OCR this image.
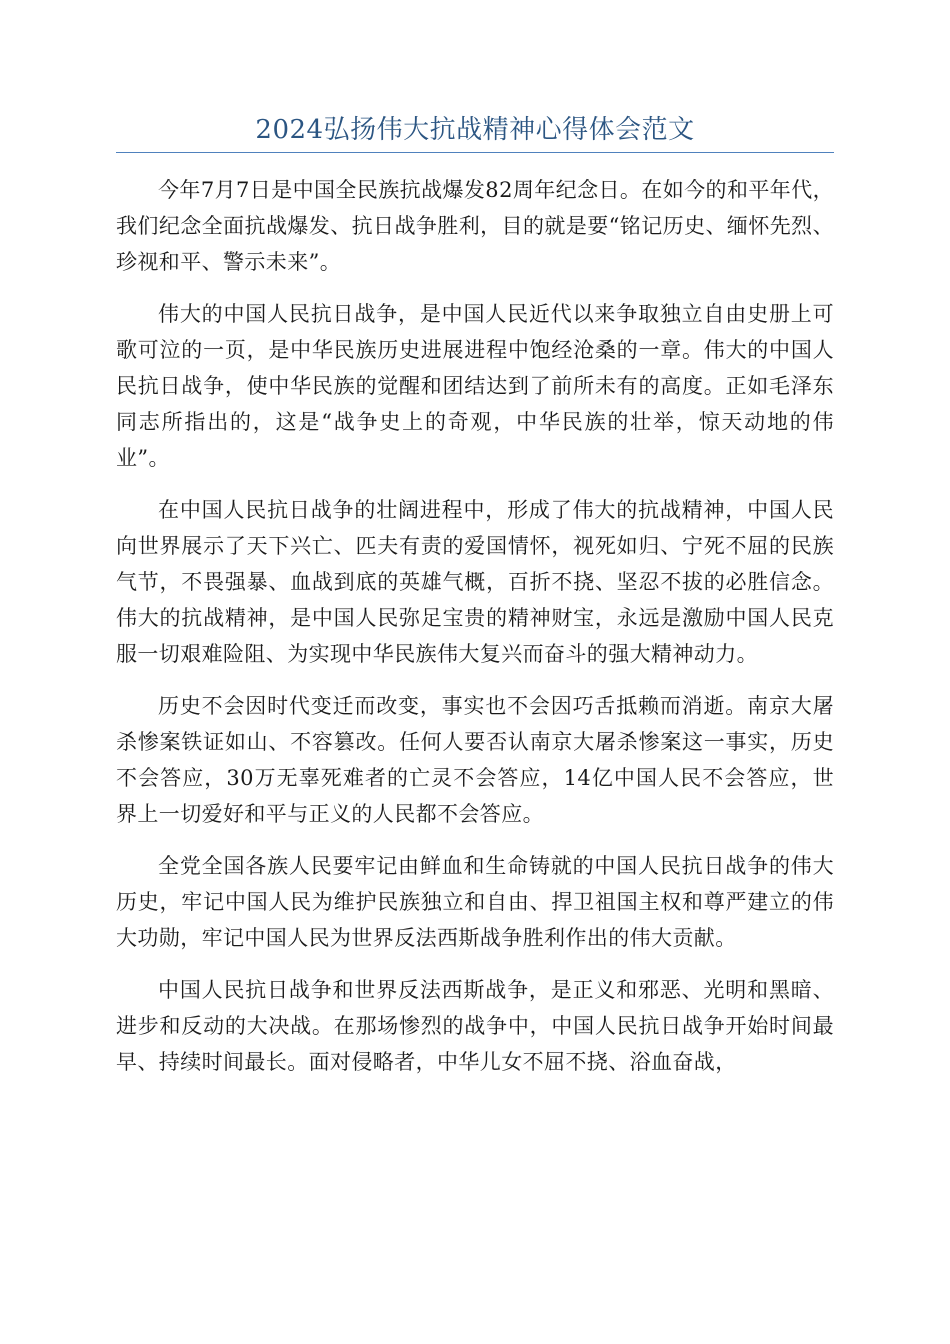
2024弘扬伟大抗战精神心得体会范文

今年7月7日是中国全民族抗战爆发82周年纪念日。在如今的和平年代，我们纪念全面抗战爆发、抗日战争胜利，目的就是要“铭记历史、缅怀先烈、珍视和平、警示未来”。

伟大的中国人民抗日战争，是中国人民近代以来争取独立自由史册上可歌可泣的一页，是中华民族历史进展进程中饱经沧桑的一章。伟大的中国人民抗日战争，使中华民族的觉醒和团结达到了前所未有的高度。正如毛泽东同志所指出的，这是“战争史上的奇观，中华民族的壮举，惊天动地的伟业”。

在中国人民抗日战争的壮阔进程中，形成了伟大的抗战精神，中国人民向世界展示了天下兴亡、匹夫有责的爱国情怀，视死如归、宁死不屈的民族气节，不畏强暴、血战到底的英雄气概，百折不挠、坚忍不拔的必胜信念。伟大的抗战精神，是中国人民弥足宝贵的精神财宝，永远是激励中国人民克服一切艰难险阻、为实现中华民族伟大复兴而奋斗的强大精神动力。

历史不会因时代变迁而改变，事实也不会因巧舌抵赖而消逝。南京大屠杀惨案铁证如山、不容篡改。任何人要否认南京大屠杀惨案这一事实，历史不会答应，30万无辜死难者的亡灵不会答应，14亿中国人民不会答应，世界上一切爱好和平与正义的人民都不会答应。

全党全国各族人民要牢记由鲜血和生命铸就的中国人民抗日战争的伟大历史，牢记中国人民为维护民族独立和自由、捍卫祖国主权和尊严建立的伟大功勋，牢记中国人民为世界反法西斯战争胜利作出的伟大贡献。

中国人民抗日战争和世界反法西斯战争，是正义和邪恶、光明和黑暗、进步和反动的大决战。在那场惨烈的战争中，中国人民抗日战争开始时间最早、持续时间最长。面对侵略者，中华儿女不屈不挠、浴血奋战，
